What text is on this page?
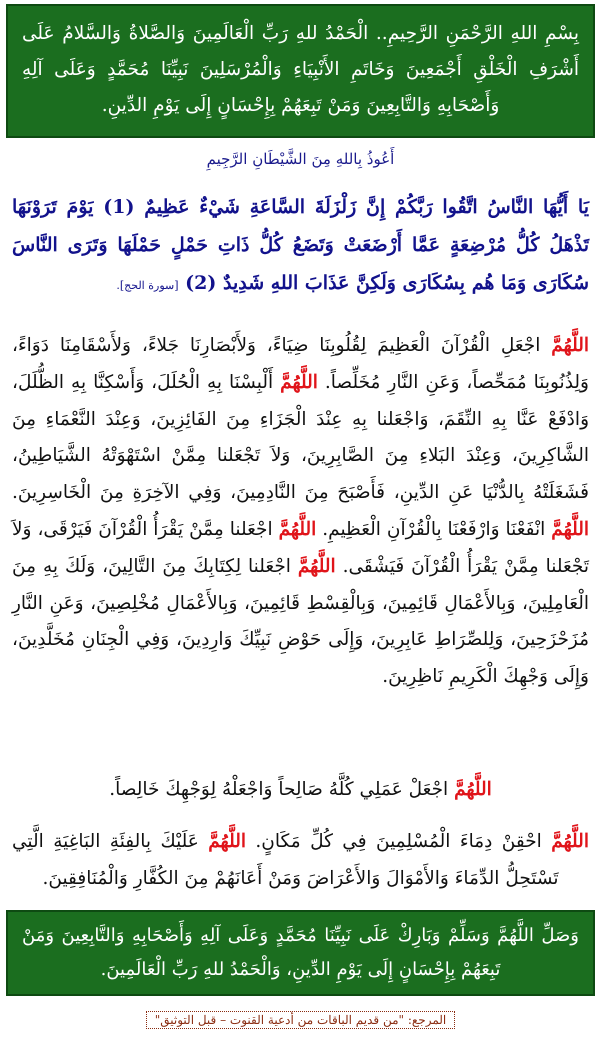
بِسْمِ اللهِ الرَّحْمَنِ الرَّحِيمِ.. الْحَمْدُ للهِ رَبِّ الْعَالَمِينَ وَالصَّلاةُ وَالسَّلامُ عَلَى أَشْرَفِ الْخَلْقِ أَجْمَعِينَ وَخَاتَمِ الأَنْبِيَاءِ وَالْمُرْسَلِينَ نَبِيِّنَا مُحَمَّدٍ وَعَلَى آلِهِ وَأَصْحَابِهِ وَالتَّابِعِينَ وَمَنْ تَبِعَهُمْ بِإِحْسَانٍ إِلَى يَوْمِ الدِّينِ.

أَعُوذُ بِاللهِ مِنَ الشَّيْطَانِ الرَّجِيمِ
يَا أَيُّهَا النَّاسُ اتَّقُوا رَبَّكُمْ إِنَّ زَلْزَلَةَ السَّاعَةِ شَيْءٌ عَظِيمٌ (1) يَوْمَ تَرَوْنَهَا تَذْهَلُ كُلُّ مُرْضِعَةٍ عَمَّا أَرْضَعَتْ وَتَضَعُ كُلُّ ذَاتِ حَمْلٍ حَمْلَهَا وَتَرَى النَّاسَ سُكَارَى وَمَا هُم بِسُكَارَى وَلَكِنَّ عَذَابَ اللهِ شَدِيدٌ (2) [سورة الحج].

اللَّهُمَّ اجْعَلِ الْقُرْآنَ الْعَظِيمَ لِقُلُوبِنَا ضِيَاءً، وَلأَبْصَارِنَا جَلاءً، وَلأَسْقَامِنَا دَوَاءً، وَلِذُنُوبِنَا مُمَحِّصاً، وَعَنِ النَّارِ مُخَلِّصاً. اللَّهُمَّ أَلْبِسْنَا بِهِ الْحُلَلَ، وَأَسْكِنَّا بِهِ الظُّلَلَ، وَادْفَعْ عَنَّا بِهِ النِّقَمَ، وَاجْعَلنا بِهِ عِنْدَ الْجَزَاءِ مِنَ الفَائِزِينَ، وَعِنْدَ النَّعْمَاءِ مِنَ الشَّاكِرِينَ، وَعِنْدَ البَلاءِ مِنَ الصَّابِرِينَ، وَلاَ تَجْعَلنا مِمَّنْ اسْتَهْوَتْهُ الشَّيَاطِينُ، فَشَغَلَتْهُ بِالدُّنْيَا عَنِ الدِّينِ، فَأَصْبَحَ مِنَ النَّادِمِينَ، وَفِي الآخِرَةِ مِنَ الْخَاسِرِينَ. اللَّهُمَّ انْفَعْنَا وَارْفَعْنَا بِالْقُرْآنِ الْعَظِيمِ. اللَّهُمَّ اجْعَلنا مِمَّنْ يَقْرَأُ الْقُرْآنَ فَيَرْقَى، وَلاَ تَجْعَلنا مِمَّنْ يَقْرَأُ الْقُرْآنَ فَيَشْقَى. اللَّهُمَّ اجْعَلنا لِكِتَابِكَ مِنَ التَّالِينَ، وَلَكَ بِهِ مِنَ الْعَامِلِينَ، وَبِالأَعْمَالِ قَائِمِينَ، وَبِالْقِسْطِ قَائِمِينَ، وَبِالأَعْمَالِ مُخْلِصِينَ، وَعَنِ النَّارِ مُزَحْزَحِينَ، وَلِلصِّرَاطِ عَابِرِينَ، وَإِلَى حَوْضِ نَبِيِّكَ وَارِدِينَ، وَفِي الْجِنَانِ مُخَلَّدِينَ، وَإِلَى وَجْهِكَ الْكَرِيمِ نَاظِرِينَ.

اللَّهُمَّ اجْعَلْ عَمَلِي كُلَّهُ صَالِحاً وَاجْعَلْهُ لِوَجْهِكَ خَالِصاً.

اللَّهُمَّ احْقِنْ دِمَاءَ الْمُسْلِمِينَ فِي كُلِّ مَكَانٍ. اللَّهُمَّ عَلَيْكَ بِالفِئَةِ البَاغِيَةِ الَّتِي تَسْتَحِلُّ الدِّمَاءَ وَالأَمْوَالَ وَالأَعْرَاضَ وَمَنْ أَعَانَهُمْ مِنَ الكُفَّارِ وَالْمُنَافِقِينَ.

وَصَلِّ اللَّهُمَّ وَسَلِّمْ وَبَارِكْ عَلَى نَبِيِّنَا مُحَمَّدٍ وَعَلَى آلِهِ وَأَصْحَابِهِ وَالتَّابِعِينَ وَمَنْ تَبِعَهُمْ بِإِحْسَانٍ إِلَى يَوْمِ الدِّينِ، وَالْحَمْدُ للهِ رَبِّ الْعَالَمِينَ.

المرجع: "من قديم الباقات من أدعية القنوت – قبل التوثيق"
